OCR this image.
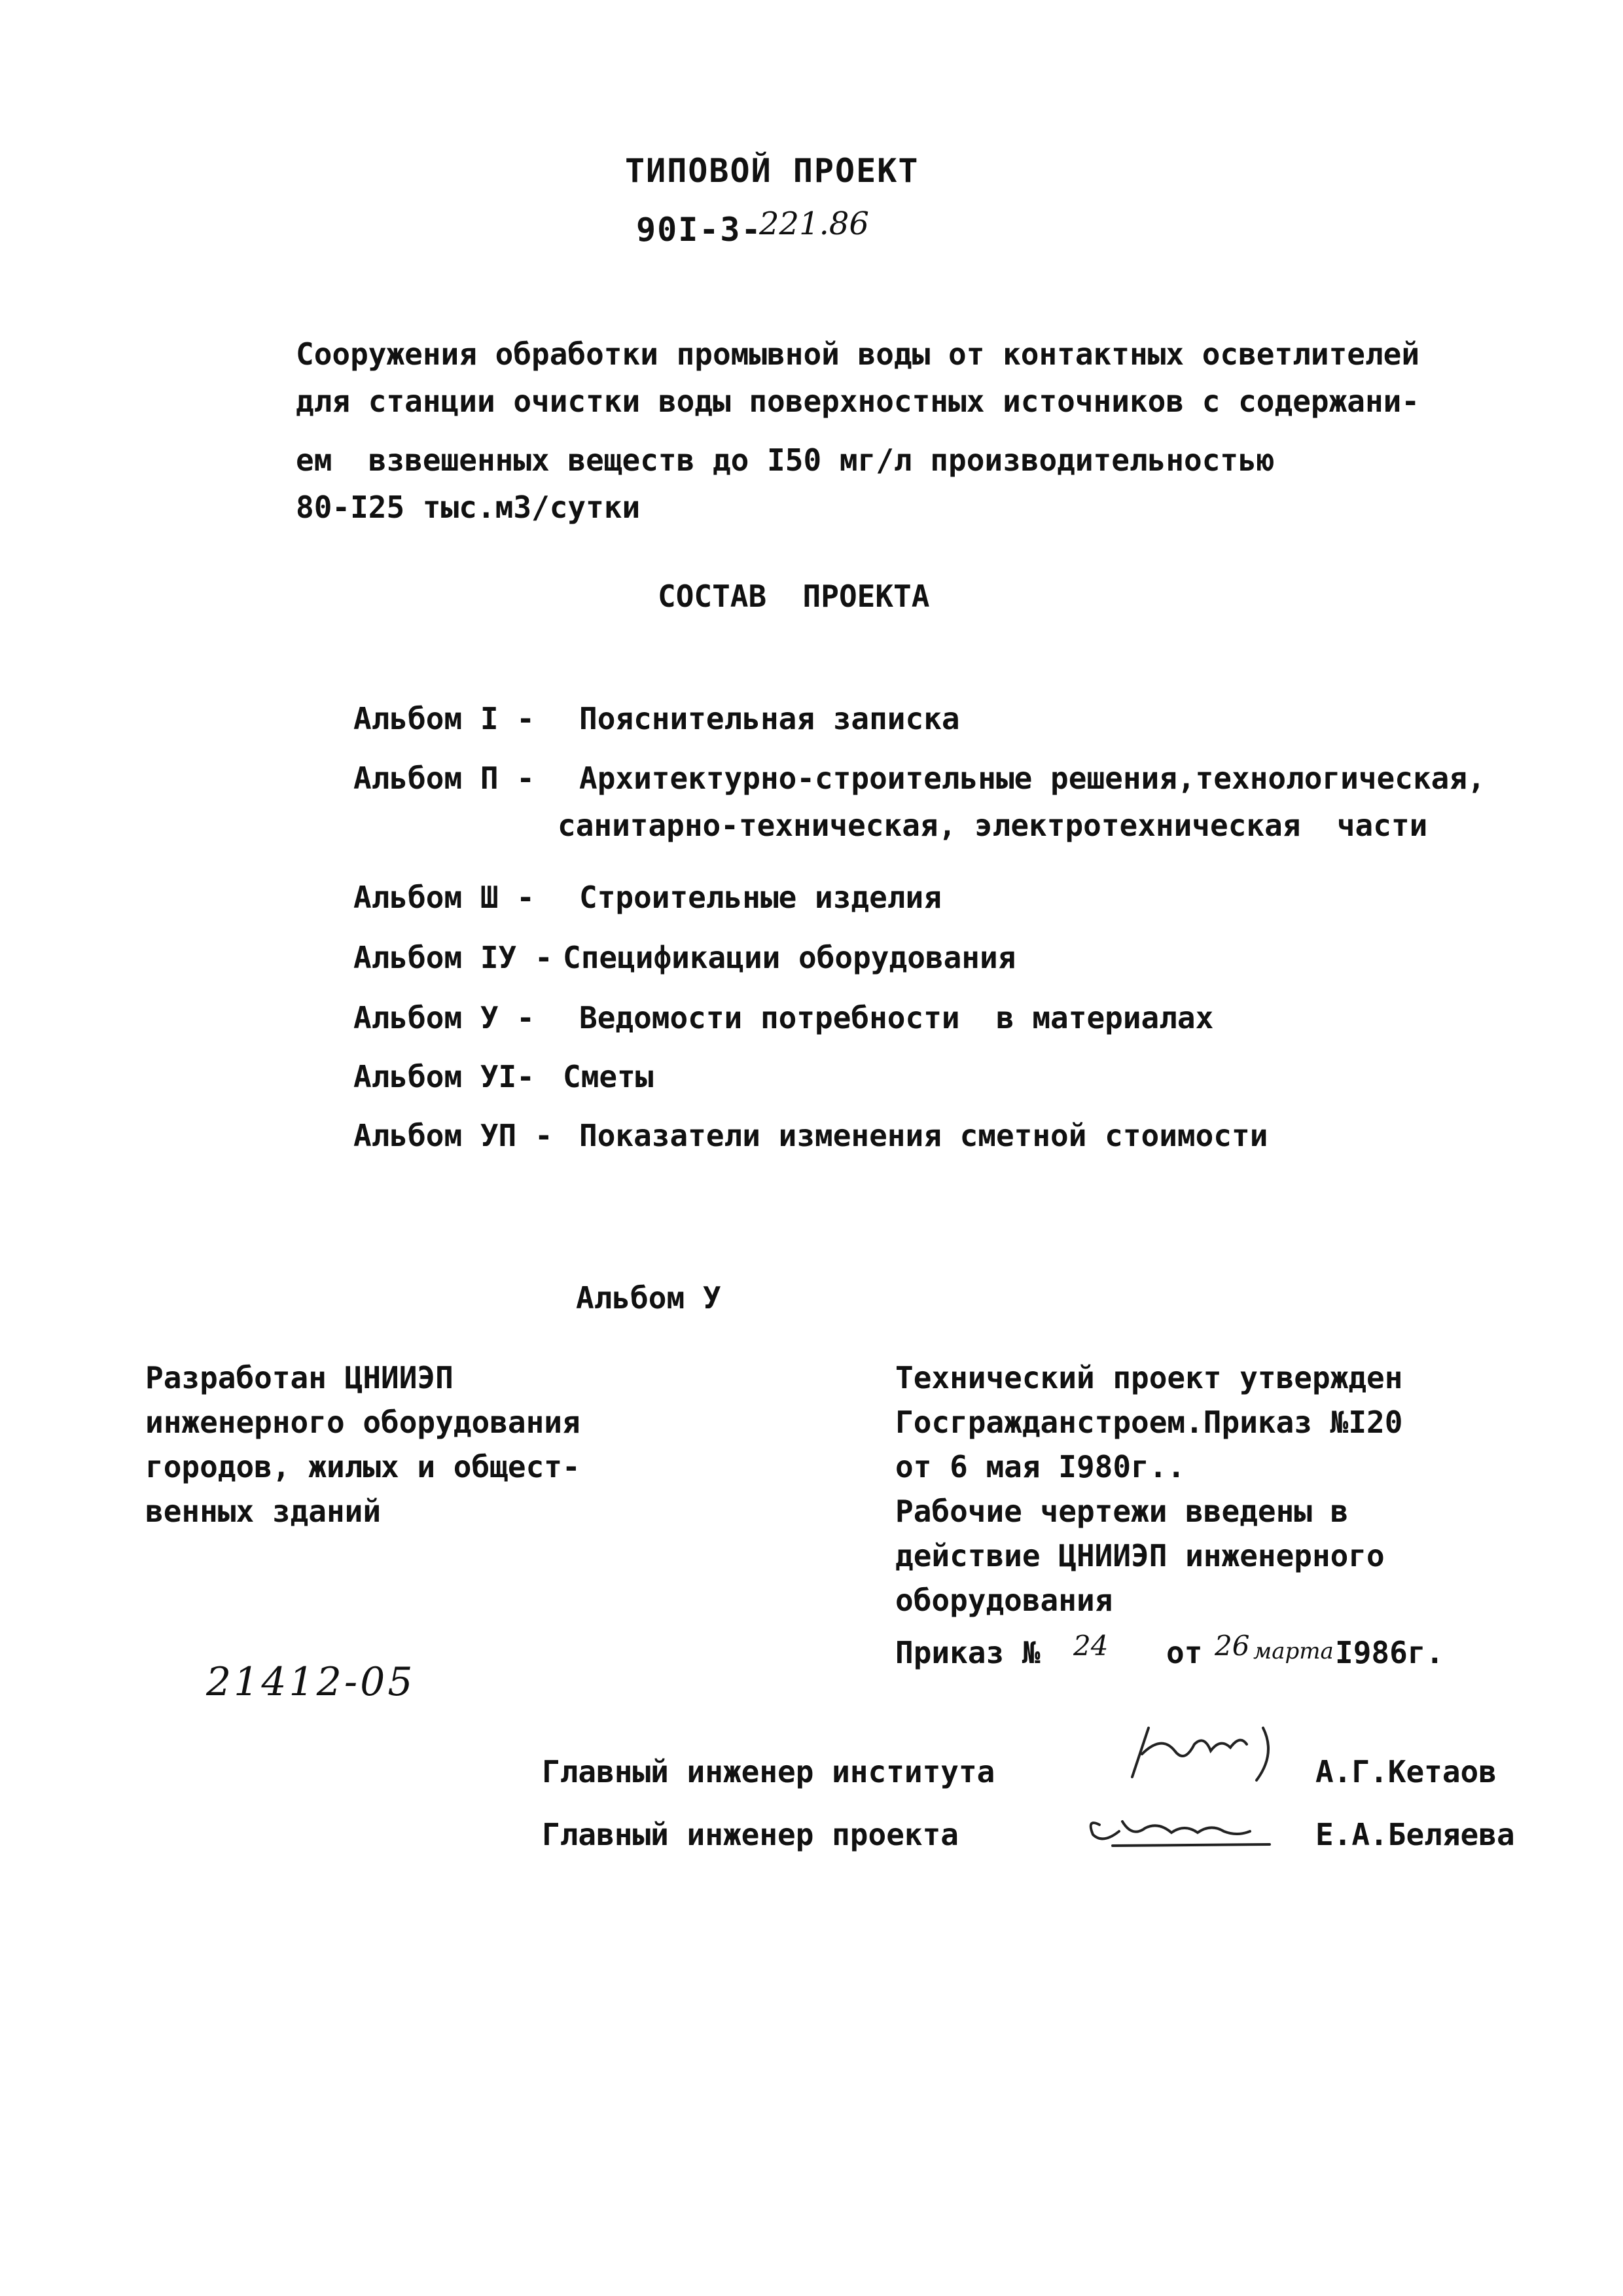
ТИПОВОЙ ПРОЕКТ
90I-3-
221.86
Сооружения обработки промывной воды от контактных осветлителей
для станции очистки воды поверхностных источников с содержани-
ем  взвешенных веществ до I50 мг/л производительностью
80-I25 тыс.м3/сутки
СОСТАВ  ПРОЕКТА
Альбом I - Пояснительная записка
Альбом П - Архитектурно-строительные решения,технологическая,
санитарно-техническая, электротехническая  части
Альбом Ш - Строительные изделия
Альбом IУ - Спецификации оборудования
Альбом У - Ведомости потребности  в материалах
Альбом УI- Сметы
Альбом УП - Показатели изменения сметной стоимости
Альбом У
Разработан ЦНИИЭП
инженерного оборудования
городов, жилых и общест-
венных зданий
Технический проект утвержден
Госгражданстроем.Приказ №I20
от 6 мая I980г..
Рабочие чертежи введены в
действие ЦНИИЭП инженерного
оборудования
Приказ № 24 от 26 марта I986г.
21412-05
Главный инженер института	А.Г.Кетаов
Главный инженер проекта	Е.А.Беляева
